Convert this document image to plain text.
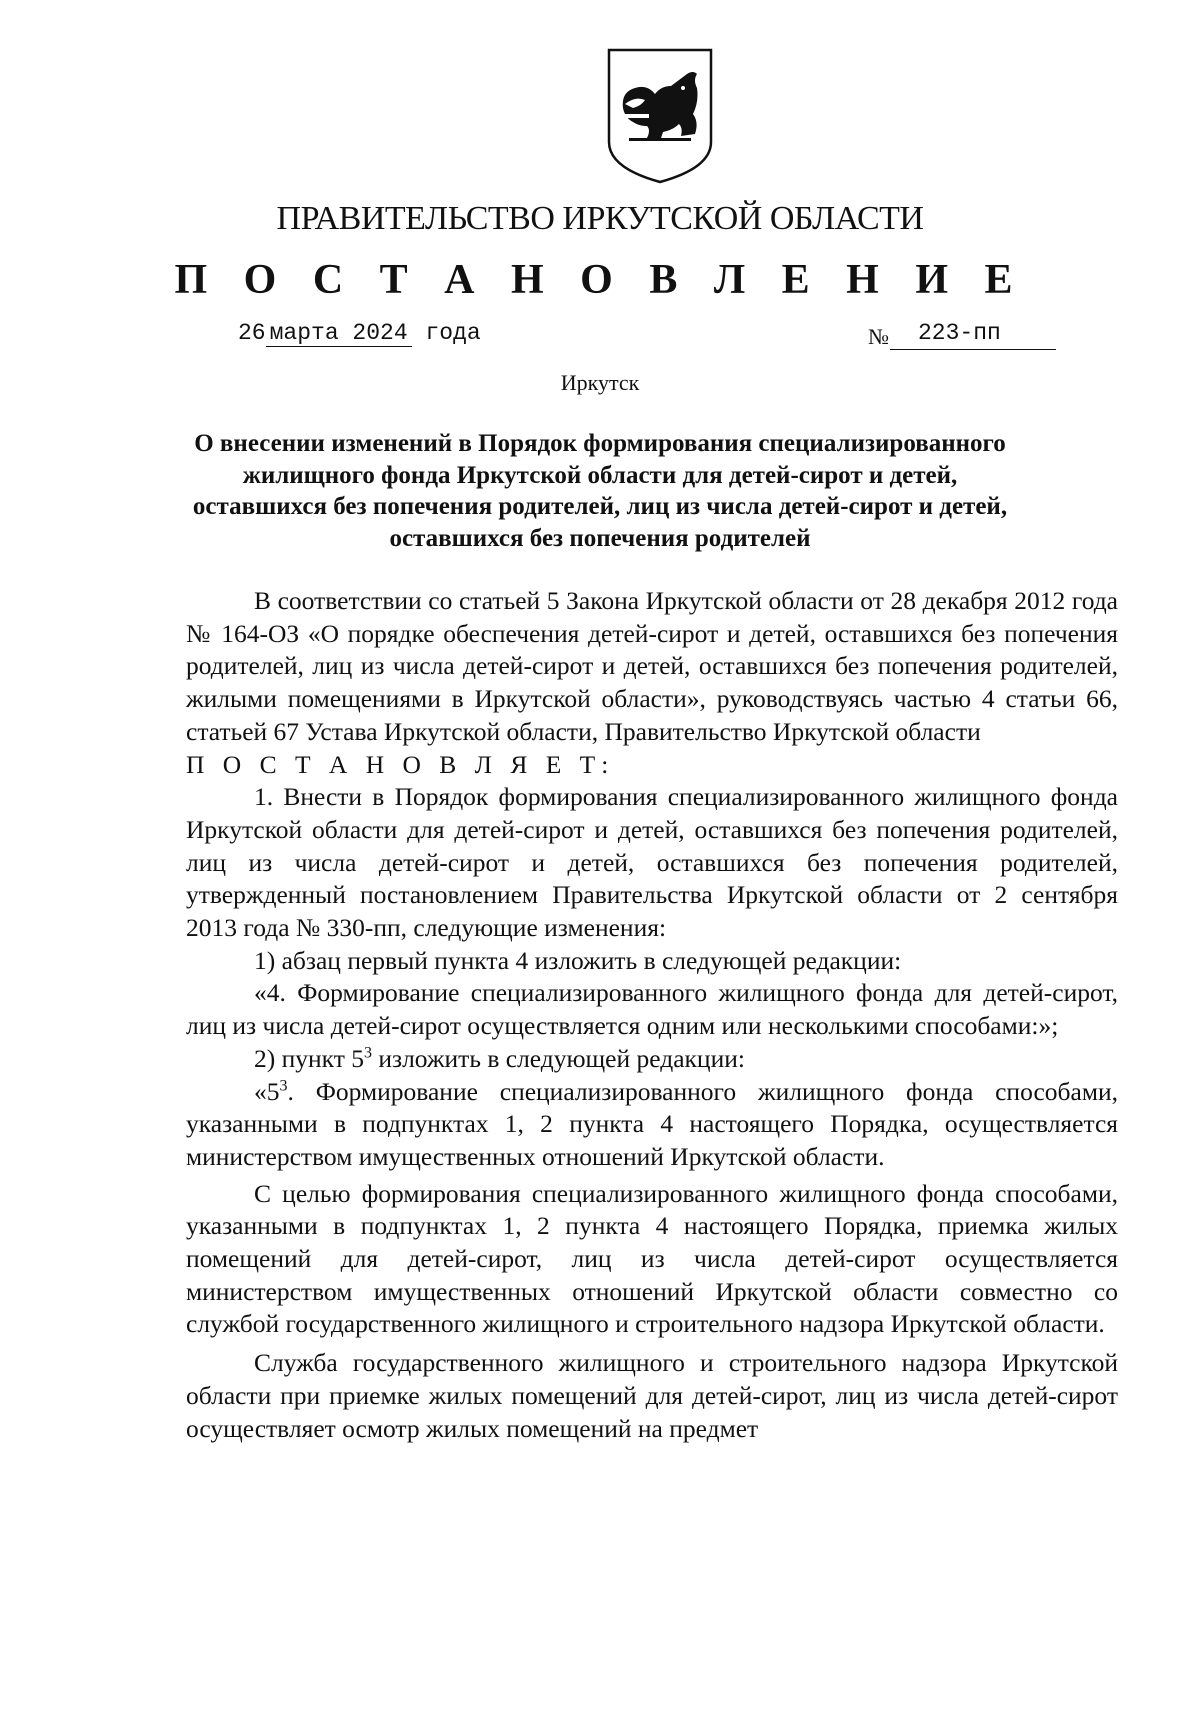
ПРАВИТЕЛЬСТВО ИРКУТСКОЙ ОБЛАСТИ
П О С Т А Н О В Л Е Н И Е
26 марта 2024 года	№	223-пп
Иркутск
О внесении изменений в Порядок формирования специализированного
жилищного фонда Иркутской области для детей-сирот и детей,
оставшихся без попечения родителей, лиц из числа детей-сирот и детей,
оставшихся без попечения родителей

В соответствии со статьей 5 Закона Иркутской области от 28 декабря 2012 года № 164-ОЗ «О порядке обеспечения детей-сирот и детей, оставшихся без попечения родителей, лиц из числа детей-сирот и детей, оставшихся без попечения родителей, жилыми помещениями в Иркутской области», руководствуясь частью 4 статьи 66, статьей 67 Устава Иркутской области, Правительство Иркутской области

П О С Т А Н О В Л Я Е Т:

1. Внести в Порядок формирования специализированного жилищного фонда Иркутской области для детей-сирот и детей, оставшихся без попечения родителей, лиц из числа детей-сирот и детей, оставшихся без попечения родителей, утвержденный постановлением Правительства Иркутской области от 2 сентября 2013 года № 330-пп, следующие изменения:

1) абзац первый пункта 4 изложить в следующей редакции:

«4. Формирование специализированного жилищного фонда для детей-сирот, лиц из числа детей-сирот осуществляется одним или несколькими способами:»;

2) пункт $5^3$ изложить в следующей редакции:

«$5^3$. Формирование специализированного жилищного фонда способами, указанными в подпунктах 1, 2 пункта 4 настоящего Порядка, осуществляется министерством имущественных отношений Иркутской области.

С целью формирования специализированного жилищного фонда способами, указанными в подпунктах 1, 2 пункта 4 настоящего Порядка, приемка жилых помещений для детей-сирот, лиц из числа детей-сирот осуществляется министерством имущественных отношений Иркутской области совместно со службой государственного жилищного и строительного надзора Иркутской области.

Служба государственного жилищного и строительного надзора Иркутской области при приемке жилых помещений для детей-сирот, лиц из числа детей-сирот осуществляет осмотр жилых помещений на предмет
